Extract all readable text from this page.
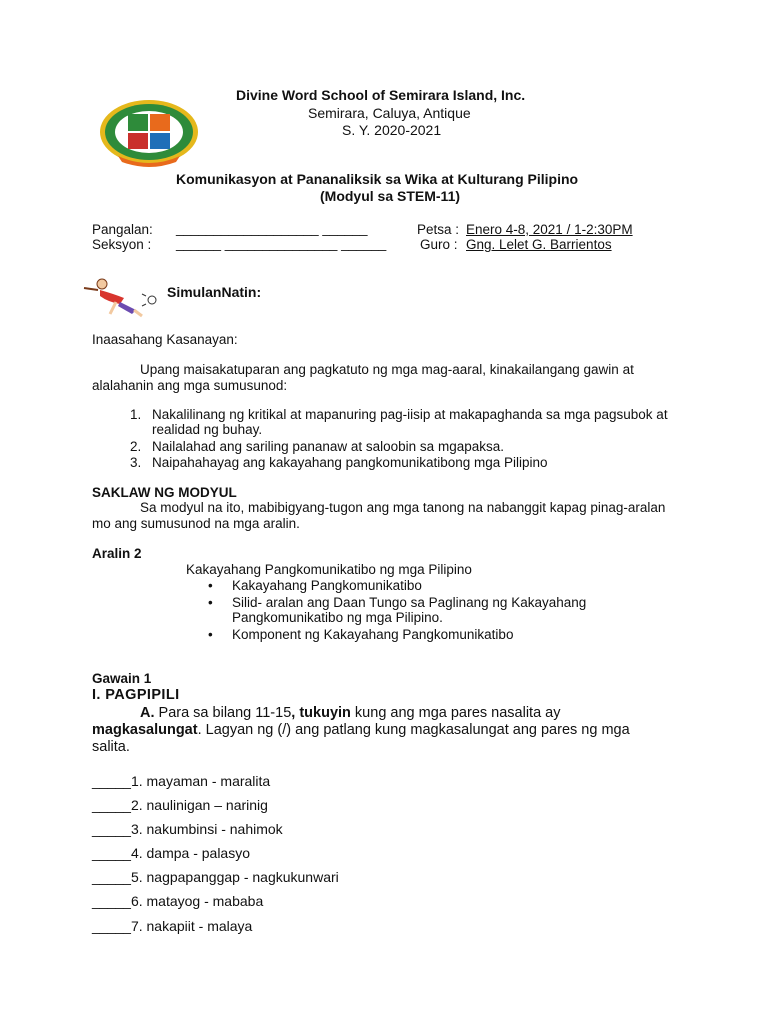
Divine Word School of Semirara Island, Inc.
Semirara, Caluya, Antique
S. Y. 2020-2021
Komunikasyon at Pananaliksik sa Wika at Kulturang Pilipino
(Modyul sa STEM-11)
Pangalan: ___________________ ______
Seksyon : ______ _______________ ______
Petsa : Enero 4-8, 2021 / 1-2:30PM
Guro : Gng. Lelet G. Barrientos
SimulanNatin:
Inaasahang Kasanayan:
Upang maisakatuparan ang pagkatuto ng mga mag-aaral, kinakailangang gawin at
alalahanin ang mga sumusunod:
1. Nakalilinang ng kritikal at mapanuring pag-iisip at makapaghanda sa mga pagsubok at
realidad ng buhay.
2. Nailalahad ang sariling pananaw at saloobin sa mgapaksa.
3. Naipahahayag ang kakayahang pangkomunikatibong mga Pilipino
SAKLAW NG MODYUL
Sa modyul na ito, mabibigyang-tugon ang mga tanong na nabanggit kapag pinag-aralan
mo ang sumusunod na mga aralin.
Aralin 2
Kakayahang Pangkomunikatibo ng mga Pilipino
• Kakayahang Pangkomunikatibo
• Silid- aralan ang Daan Tungo sa Paglinang ng Kakayahang
Pangkomunikatibo ng mga Pilipino.
• Komponent ng Kakayahang Pangkomunikatibo
Gawain 1
I. PAGPIPILI
A. Para sa bilang 11-15, tukuyin kung ang mga pares nasalita ay
magkasalungat. Lagyan ng (/) ang patlang kung magkasalungat ang pares ng mga
salita.
_____1. mayaman - maralita
_____2. naulinigan – narinig
_____3. nakumbinsi - nahimok
_____4. dampa - palasyo
_____5. nagpapanggap - nagkukunwari
_____6. matayog - mababa
_____7. nakapiit - malaya
